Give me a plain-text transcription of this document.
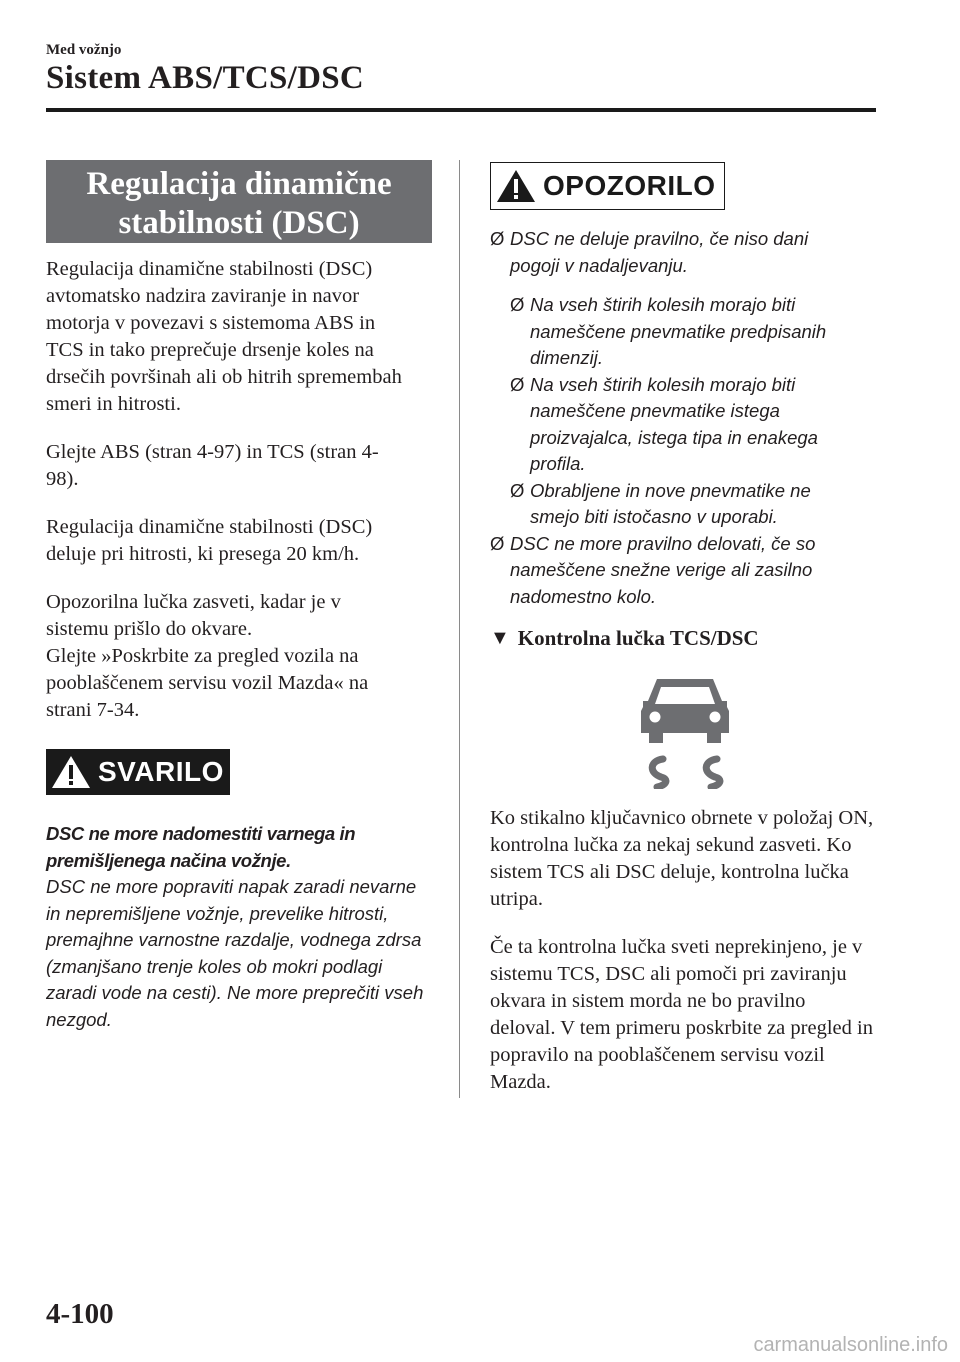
Med vožnjo
Sistem ABS/TCS/DSC
Regulacija dinamične
stabilnosti (DSC)

Regulacija dinamične stabilnosti (DSC) avtomatsko nadzira zaviranje in navor motorja v povezavi s sistemoma ABS in TCS in tako preprečuje drsenje koles na drsečih površinah ali ob hitrih spremembah smeri in hitrosti.

Glejte ABS (stran 4-97) in TCS (stran 4-98).

Regulacija dinamične stabilnosti (DSC) deluje pri hitrosti, ki presega 20 km/h.

Opozorilna lučka zasveti, kadar je v sistemu prišlo do okvare.

Glejte »Poskrbite za pregled vozila na pooblaščenem servisu vozil Mazda« na strani 7-34.

SVARILO

DSC ne more nadomestiti varnega in premišljenega načina vožnje.

DSC ne more popraviti napak zaradi nevarne in nepremišljene vožnje, prevelike hitrosti, premajhne varnostne razdalje, vodnega zdrsa (zmanjšano trenje koles ob mokri podlagi zaradi vode na cesti). Ne more preprečiti vseh nezgod.

OPOZORILO

Ø DSC ne deluje pravilno, če niso dani pogoji v nadaljevanju.

Ø Na vseh štirih kolesih morajo biti nameščene pnevmatike predpisanih dimenzij.

Ø Na vseh štirih kolesih morajo biti nameščene pnevmatike istega proizvajalca, istega tipa in enakega profila.

Ø Obrabljene in nove pnevmatike ne smejo biti istočasno v uporabi.

Ø DSC ne more pravilno delovati, če so nameščene snežne verige ali zasilno nadomestno kolo.

▼ Kontrolna lučka TCS/DSC

Ko stikalno ključavnico obrnete v položaj ON, kontrolna lučka za nekaj sekund zasveti. Ko sistem TCS ali DSC deluje, kontrolna lučka utripa.

Če ta kontrolna lučka sveti neprekinjeno, je v sistemu TCS, DSC ali pomoči pri zaviranju okvara in sistem morda ne bo pravilno deloval. V tem primeru poskrbite za pregled in popravilo na pooblaščenem servisu vozil Mazda.

4-100
carmanualsonline.info
